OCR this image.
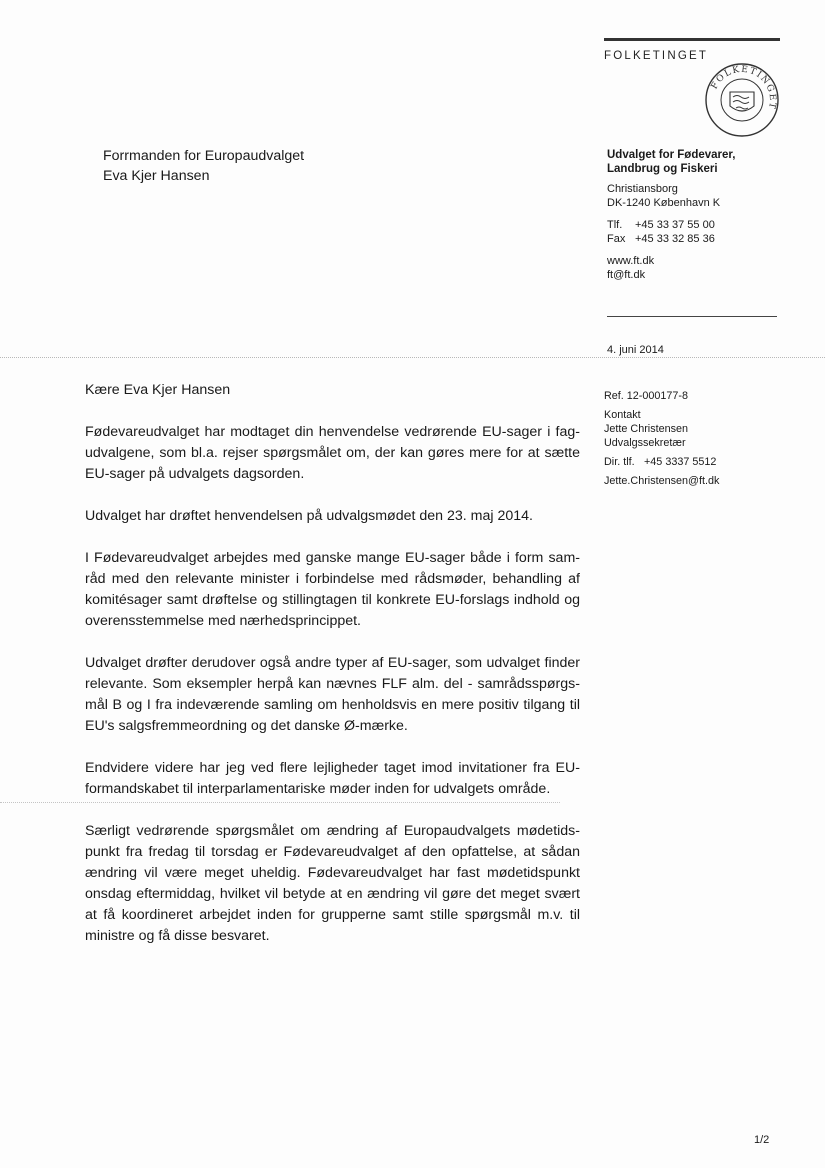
FOLKETINGET
FOLKETINGET
Forrmanden for Europaudvalget
Eva Kjer Hansen
Udvalget for Fødevarer,
Landbrug og Fiskeri
Christiansborg
DK-1240 København K
Tlf.	+45 33 37 55 00
Fax +45 33 32 85 36
www.ft.dk
ft@ft.dk
4. juni 2014
Ref. 12-000177-8
Kontakt
Jette Christensen
Udvalgssekretær
Dir. tlf. +45 3337 5512
Jette.Christensen@ft.dk

Kære Eva Kjer Hansen

Fødevareudvalget har modtaget din henvendelse vedrørende EU-sager i fag-udvalgene, som bl.a. rejser spørgsmålet om, der kan gøres mere for at sætte EU-sager på udvalgets dagsorden.

Udvalget har drøftet henvendelsen på udvalgsmødet den 23. maj 2014.

I Fødevareudvalget arbejdes med ganske mange EU-sager både i form sam-råd med den relevante minister i forbindelse med rådsmøder, behandling af komitésager samt drøftelse og stillingtagen til konkrete EU-forslags indhold og overensstemmelse med nærhedsprincippet.

Udvalget drøfter derudover også andre typer af EU-sager, som udvalget finder relevante. Som eksempler herpå kan nævnes FLF alm. del - samrådsspørgs-mål B og I fra indeværende samling om henholdsvis en mere positiv tilgang til EU's salgsfremmeordning og det danske Ø-mærke.

Endvidere videre har jeg ved flere lejligheder taget imod invitationer fra EU-formandskabet til interparlamentariske møder inden for udvalgets område.

Særligt vedrørende spørgsmålet om ændring af Europaudvalgets mødetids-punkt fra fredag til torsdag er Fødevareudvalget af den opfattelse, at sådan ændring vil være meget uheldig. Fødevareudvalget har fast mødetidspunkt onsdag eftermiddag, hvilket vil betyde at en ændring vil gøre det meget svært at få koordineret arbejdet inden for grupperne samt stille spørgsmål m.v. til ministre og få disse besvaret.

1/2
